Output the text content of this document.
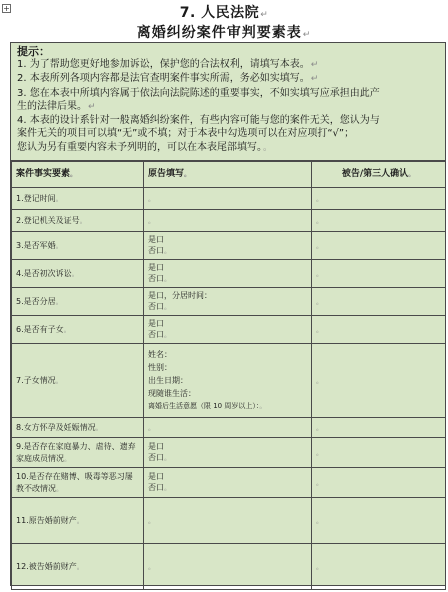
+	7. 人民法院↵
离婚纠纷案件审判要素表↵
提示：
1. 为了帮助您更好地参加诉讼，保护您的合法权利，请填写本表。↵
2. 本表所列各项内容都是法官查明案件事实所需，务必如实填写。↵
3. 您在本表中所填内容属于依法向法院陈述的重要事实，不如实填写应承担由此产
生的法律后果。↵
4. 本表的设计系针对一般离婚纠纷案件，有些内容可能与您的案件无关，您认为与
案件无关的项目可以填“无”或不填；对于本表中勾选项可以在对应项打“√”；
您认为另有重要内容未予列明的，可以在本表尾部填写。。
案件事实要素。	原告填写。	被告/第三人确认。
1.登记时间。	。	。
2.登记机关及证号。	。	。
3.是否军婚。	是口
否口。	。
4.是否初次诉讼。	是口
否口。	。
5.是否分居。	是口，分居时间：
否口。	。
6.是否有子女。	是口
否口。	。
7.子女情况。	姓名：
性别：
出生日期：
现随谁生活：
离婚后生活意愿（限 10 周岁以上）：。	。
8.女方怀孕及妊娠情况。	。	。
9.是否存在家庭暴力、虐待、遗弃家庭成员情况。	是口
否口。	。
10.是否存在赌博、吸毒等恶习屡教不改情况。	是口
否口。	。
11.原告婚前财产。	。	。
12.被告婚前财产。	。	。
